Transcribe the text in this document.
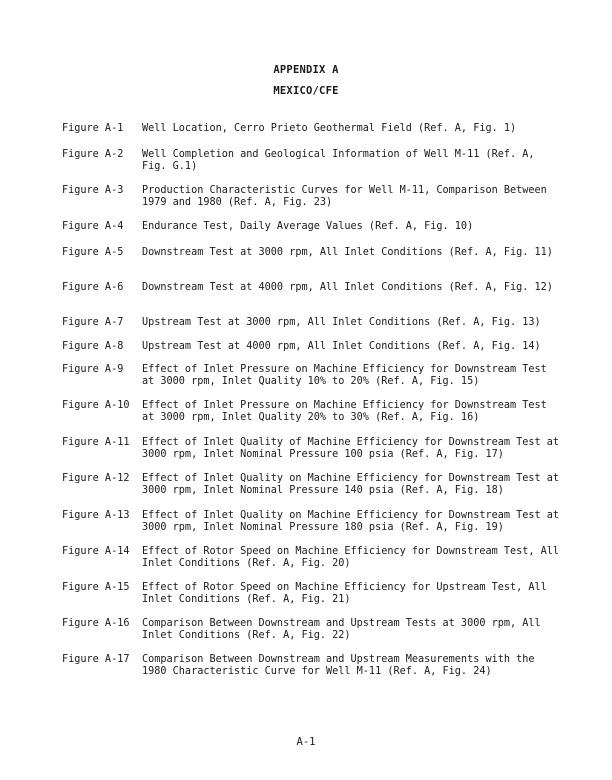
APPENDIX A
MEXICO/CFE
Figure A-1 Well Location, Cerro Prieto Geothermal Field (Ref. A, Fig. 1)
Figure A-2 Well Completion and Geological Information of Well M-11 (Ref. A, Fig. G.1)
Figure A-3 Production Characteristic Curves for Well M-11, Comparison Between 1979 and 1980 (Ref. A, Fig. 23)
Figure A-4 Endurance Test, Daily Average Values (Ref. A, Fig. 10)
Figure A-5 Downstream Test at 3000 rpm, All Inlet Conditions (Ref. A, Fig. 11)
Figure A-6 Downstream Test at 4000 rpm, All Inlet Conditions (Ref. A, Fig. 12)
Figure A-7 Upstream Test at 3000 rpm, All Inlet Conditions (Ref. A, Fig. 13)
Figure A-8 Upstream Test at 4000 rpm, All Inlet Conditions (Ref. A, Fig. 14)
Figure A-9 Effect of Inlet Pressure on Machine Efficiency for Downstream Test at 3000 rpm, Inlet Quality 10% to 20% (Ref. A, Fig. 15)
Figure A-10 Effect of Inlet Pressure on Machine Efficiency for Downstream Test at 3000 rpm, Inlet Quality 20% to 30% (Ref. A, Fig. 16)
Figure A-11 Effect of Inlet Quality of Machine Efficiency for Downstream Test at 3000 rpm, Inlet Nominal Pressure 100 psia (Ref. A, Fig. 17)
Figure A-12 Effect of Inlet Quality on Machine Efficiency for Downstream Test at 3000 rpm, Inlet Nominal Pressure 140 psia (Ref. A, Fig. 18)
Figure A-13 Effect of Inlet Quality on Machine Efficiency for Downstream Test at 3000 rpm, Inlet Nominal Pressure 180 psia (Ref. A, Fig. 19)
Figure A-14 Effect of Rotor Speed on Machine Efficiency for Downstream Test, All Inlet Conditions (Ref. A, Fig. 20)
Figure A-15 Effect of Rotor Speed on Machine Efficiency for Upstream Test, All Inlet Conditions (Ref. A, Fig. 21)
Figure A-16 Comparison Between Downstream and Upstream Tests at 3000 rpm, All Inlet Conditions (Ref. A, Fig. 22)
Figure A-17 Comparison Between Downstream and Upstream Measurements with the 1980 Characteristic Curve for Well M-11 (Ref. A, Fig. 24)
A-1
